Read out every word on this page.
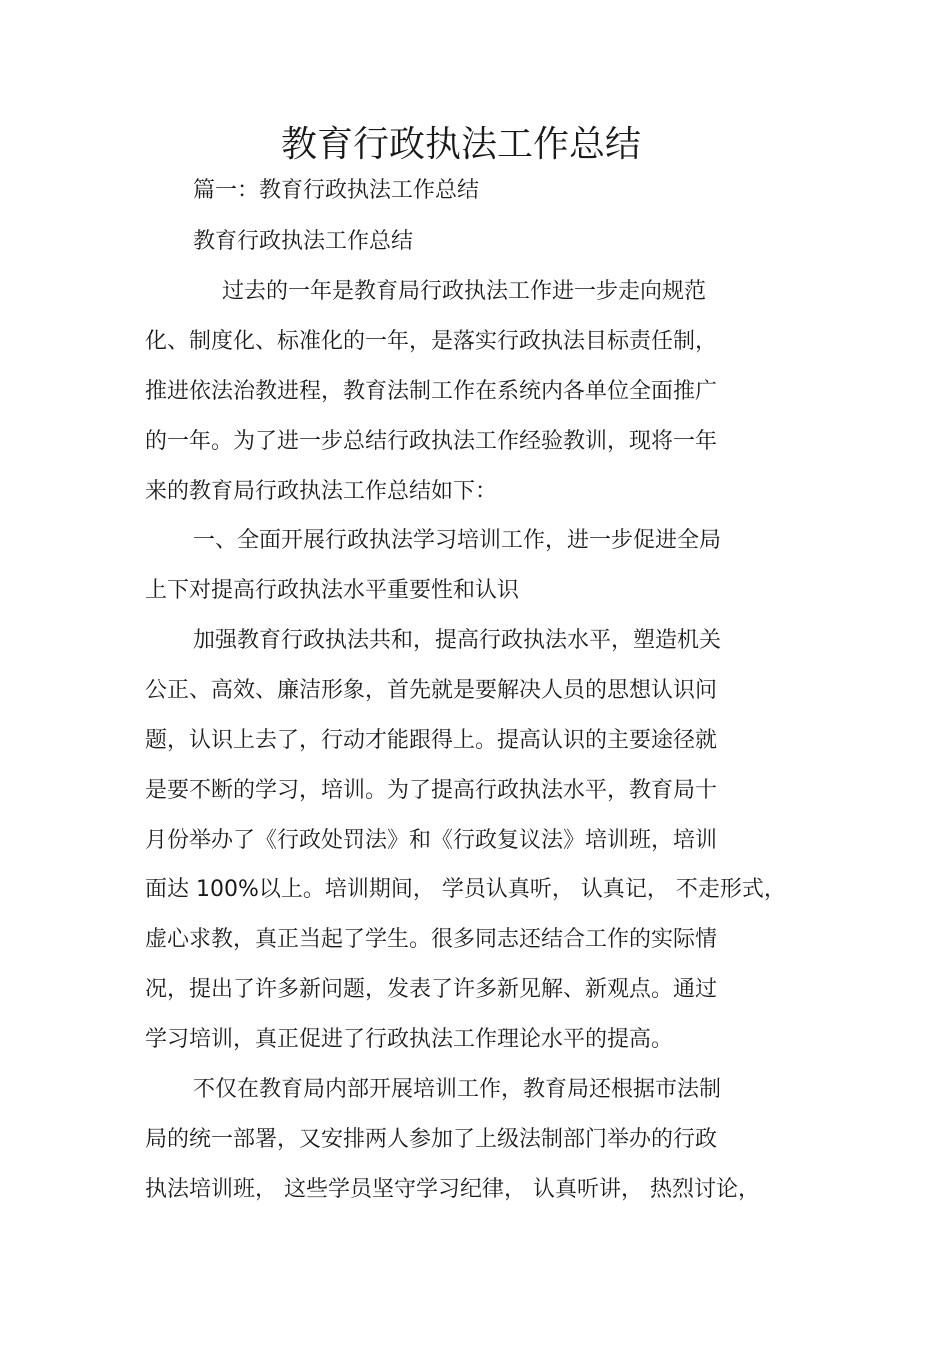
教育行政执法工作总结
篇一：教育行政执法工作总结
教育行政执法工作总结
过去的一年是教育局行政执法工作进一步走向规范
化、制度化、标准化的一年，是落实行政执法目标责任制，
推进依法治教进程，教育法制工作在系统内各单位全面推广
的一年。为了进一步总结行政执法工作经验教训，现将一年
来的教育局行政执法工作总结如下：
一、全面开展行政执法学习培训工作，进一步促进全局
上下对提高行政执法水平重要性和认识
加强教育行政执法共和，提高行政执法水平，塑造机关
公正、高效、廉洁形象，首先就是要解决人员的思想认识问
题，认识上去了，行动才能跟得上。提高认识的主要途径就
是要不断的学习，培训。为了提高行政执法水平，教育局十
月份举办了《行政处罚法》和《行政复议法》培训班，培训
面达 100%以上。培训期间， 学员认真听， 认真记， 不走形式，
虚心求教，真正当起了学生。很多同志还结合工作的实际情
况，提出了许多新问题，发表了许多新见解、新观点。通过
学习培训，真正促进了行政执法工作理论水平的提高。
不仅在教育局内部开展培训工作，教育局还根据市法制
局的统一部署，又安排两人参加了上级法制部门举办的行政
执法培训班， 这些学员坚守学习纪律， 认真听讲， 热烈讨论，
